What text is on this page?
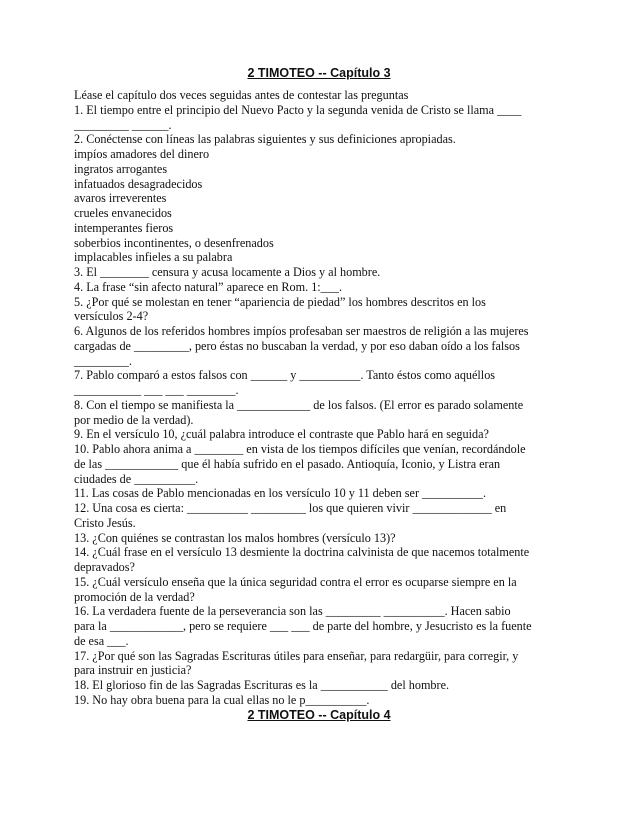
2 TIMOTEO -- Capítulo 3
Léase el capítulo dos veces seguidas antes de contestar las preguntas
1. El tiempo entre el principio del Nuevo Pacto y la segunda venida de Cristo se llama ____
_________ ______.
2. Conéctense con líneas las palabras siguientes y sus definiciones apropiadas.
impíos amadores del dinero
ingratos arrogantes
infatuados desagradecidos
avaros irreverentes
crueles envanecidos
intemperantes fieros
soberbios incontinentes, o desenfrenados
implacables infieles a su palabra
3. El ________ censura y acusa locamente a Dios y al hombre.
4. La frase “sin afecto natural” aparece en Rom. 1:___.
5. ¿Por qué se molestan en tener “apariencia de piedad” los hombres descritos en los
versículos 2-4?
6. Algunos de los referidos hombres impíos profesaban ser maestros de religión a las mujeres
cargadas de _________, pero éstas no buscaban la verdad, y por eso daban oído a los falsos
_________.
7. Pablo comparó a estos falsos con ______ y __________. Tanto éstos como aquéllos
___________ ___ ___ ________.
8. Con el tiempo se manifiesta la ____________ de los falsos. (El error es parado solamente
por medio de la verdad).
9. En el versículo 10, ¿cuál palabra introduce el contraste que Pablo hará en seguida?
10. Pablo ahora anima a ________ en vista de los tiempos difíciles que venían, recordándole
de las ____________ que él había sufrido en el pasado. Antioquía, Iconio, y Listra eran
ciudades de __________.
11. Las cosas de Pablo mencionadas en los versículo 10 y 11 deben ser __________.
12. Una cosa es cierta: __________ _________ los que quieren vivir _____________ en
Cristo Jesús.
13. ¿Con quiénes se contrastan los malos hombres (versículo 13)?
14. ¿Cuál frase en el versículo 13 desmiente la doctrina calvinista de que nacemos totalmente
depravados?
15. ¿Cuál versículo enseña que la única seguridad contra el error es ocuparse siempre en la
promoción de la verdad?
16. La verdadera fuente de la perseverancia son las _________ __________. Hacen sabio
para la ____________, pero se requiere ___ ___ de parte del hombre, y Jesucristo es la fuente
de esa ___.
17. ¿Por qué son las Sagradas Escrituras útiles para enseñar, para redargüir, para corregir, y
para instruir en justicia?
18. El glorioso fin de las Sagradas Escrituras es la ___________ del hombre.
19. No hay obra buena para la cual ellas no le p__________.
2 TIMOTEO -- Capítulo 4
